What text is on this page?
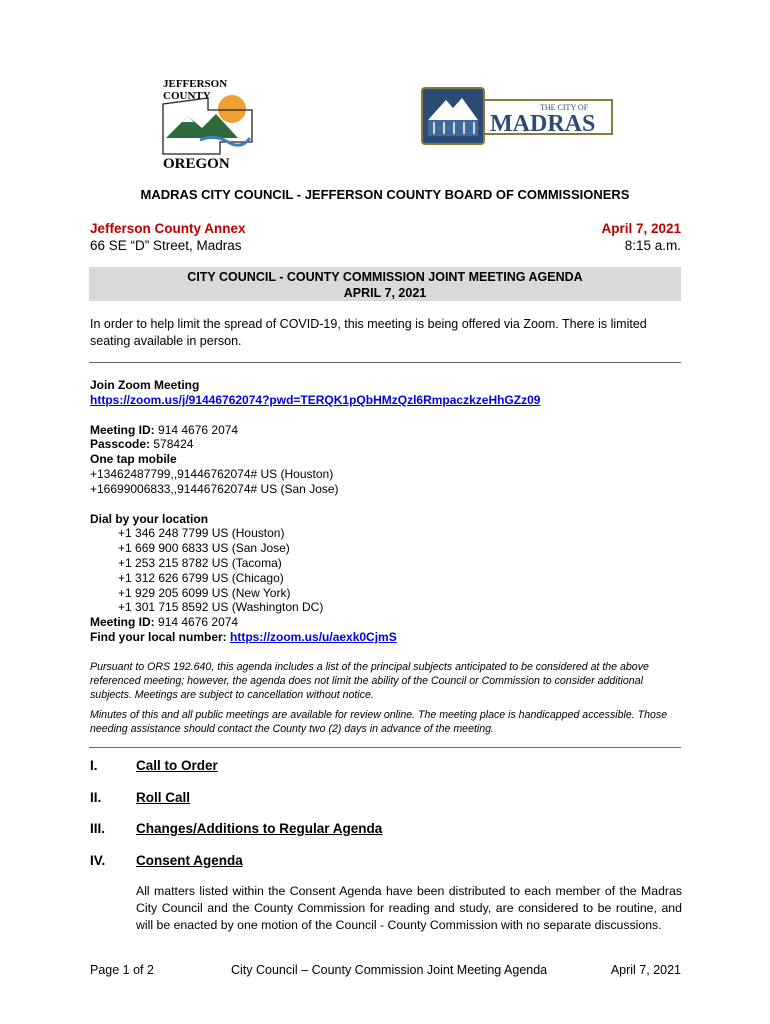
JEFFERSON
COUNTY
OREGON
THE CITY OF
MADRAS
MADRAS CITY COUNCIL - JEFFERSON COUNTY BOARD OF COMMISSIONERS
Jefferson County Annex
66 SE “D” Street, Madras
April 7, 2021
8:15 a.m.
CITY COUNCIL - COUNTY COMMISSION JOINT MEETING AGENDA
APRIL 7, 2021
In order to help limit the spread of COVID-19, this meeting is being offered via Zoom. There is limited seating available in person.
Join Zoom Meeting
https://zoom.us/j/91446762074?pwd=TERQK1pQbHMzQzl6RmpaczkzeHhGZz09
Meeting ID: 914 4676 2074
Passcode: 578424
One tap mobile
+13462487799,,91446762074# US (Houston)
+16699006833,,91446762074# US (San Jose)
Dial by your location
+1 346 248 7799 US (Houston)
+1 669 900 6833 US (San Jose)
+1 253 215 8782 US (Tacoma)
+1 312 626 6799 US (Chicago)
+1 929 205 6099 US (New York)
+1 301 715 8592 US (Washington DC)
Meeting ID: 914 4676 2074
Find your local number: https://zoom.us/u/aexk0CjmS
Pursuant to ORS 192.640, this agenda includes a list of the principal subjects anticipated to be considered at the above referenced meeting; however, the agenda does not limit the ability of the Council or Commission to consider additional subjects. Meetings are subject to cancellation without notice.
Minutes of this and all public meetings are available for review online. The meeting place is handicapped accessible. Those needing assistance should contact the County two (2) days in advance of the meeting.
I.	Call to Order
II.	Roll Call
III. Changes/Additions to Regular Agenda
IV. Consent Agenda
All matters listed within the Consent Agenda have been distributed to each member of the Madras City Council and the County Commission for reading and study, are considered to be routine, and will be enacted by one motion of the Council - County Commission with no separate discussions.
Page 1 of 2	City Council – County Commission Joint Meeting Agenda	April 7, 2021
